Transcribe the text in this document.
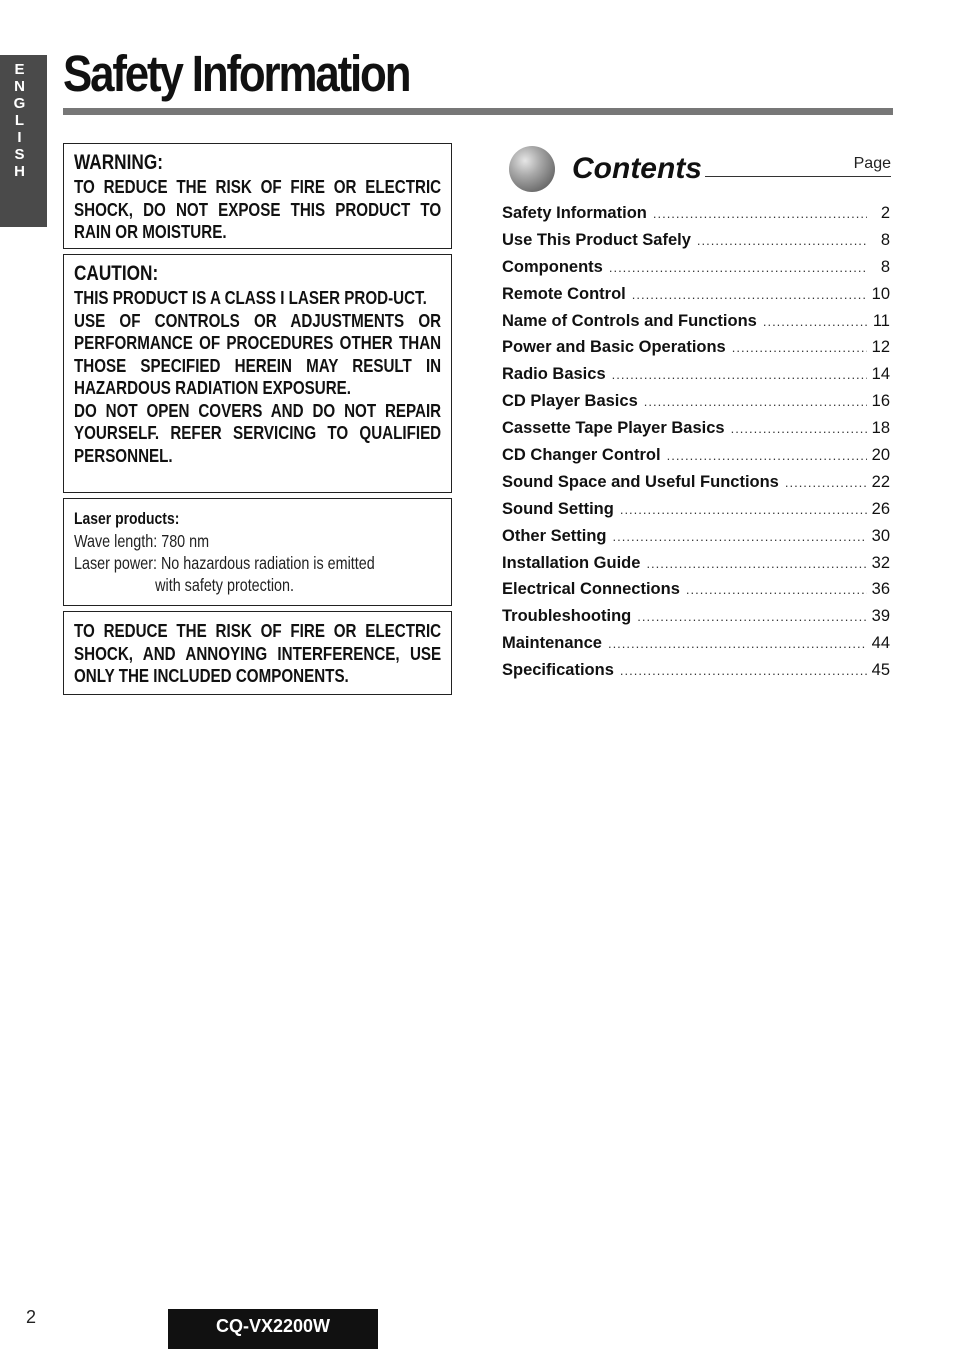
E
N
G
L
I
S
H
Safety Information
WARNING:
TO REDUCE THE RISK OF FIRE OR ELECTRIC SHOCK, DO NOT EXPOSE THIS PRODUCT TO RAIN OR MOISTURE.
CAUTION:

THIS PRODUCT IS A CLASS I LASER PROD-UCT.

USE OF CONTROLS OR ADJUSTMENTS OR PERFORMANCE OF PROCEDURES OTHER THAN THOSE SPECIFIED HEREIN MAY RESULT IN HAZARDOUS RADIATION EXPOSURE.

DO NOT OPEN COVERS AND DO NOT REPAIR YOURSELF. REFER SERVICING TO QUALIFIED PERSONNEL.

Laser products:
Wave length: 780 nm
Laser power: No hazardous radiation is emitted
with safety protection.
TO REDUCE THE RISK OF FIRE OR ELECTRIC SHOCK, AND ANNOYING INTERFERENCE, USE ONLY THE INCLUDED COMPONENTS.
Contents	Page
Safety Information .....	2
Use This Product Safely .....	8
Components .....	8
Remote Control .....	10
Name of Controls and Functions .....	11
Power and Basic Operations .....	12
Radio Basics .....	14
CD Player Basics .....	16
Cassette Tape Player Basics .....	18
CD Changer Control .....	20
Sound Space and Useful Functions .....	22
Sound Setting .....	26
Other Setting .....	30
Installation Guide .....	32
Electrical Connections .....	36
Troubleshooting .....	39
Maintenance .....	44
Specifications .....	45
2	CQ-VX2200W
